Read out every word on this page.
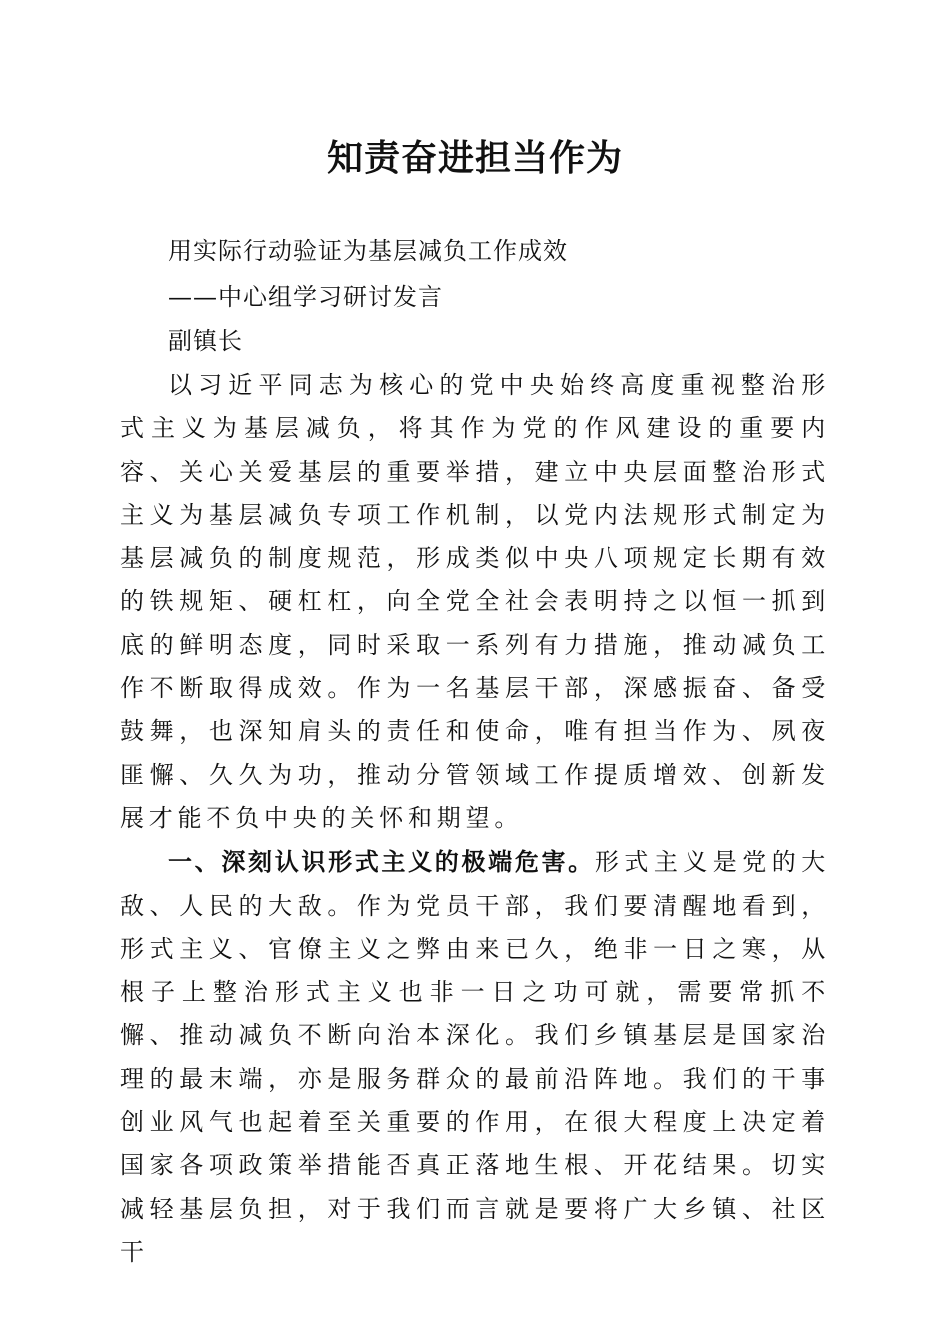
知责奋进担当作为
用实际行动验证为基层减负工作成效
——中心组学习研讨发言
副镇长

以习近平同志为核心的党中央始终高度重视整治形式主义为基层减负，将其作为党的作风建设的重要内容、关心关爱基层的重要举措，建立中央层面整治形式主义为基层减负专项工作机制，以党内法规形式制定为基层减负的制度规范，形成类似中央八项规定长期有效的铁规矩、硬杠杠，向全党全社会表明持之以恒一抓到底的鲜明态度，同时采取一系列有力措施，推动减负工作不断取得成效。作为一名基层干部，深感振奋、备受鼓舞，也深知肩头的责任和使命，唯有担当作为、夙夜匪懈、久久为功，推动分管领域工作提质增效、创新发展才能不负中央的关怀和期望。

一、深刻认识形式主义的极端危害。形式主义是党的大敌、人民的大敌。作为党员干部，我们要清醒地看到，形式主义、官僚主义之弊由来已久，绝非一日之寒，从根子上整治形式主义也非一日之功可就，需要常抓不懈、推动减负不断向治本深化。我们乡镇基层是国家治理的最末端，亦是服务群众的最前沿阵地。我们的干事创业风气也起着至关重要的作用，在很大程度上决定着国家各项政策举措能否真正落地生根、开花结果。切实减轻基层负担，对于我们而言就是要将广大乡镇、社区干
